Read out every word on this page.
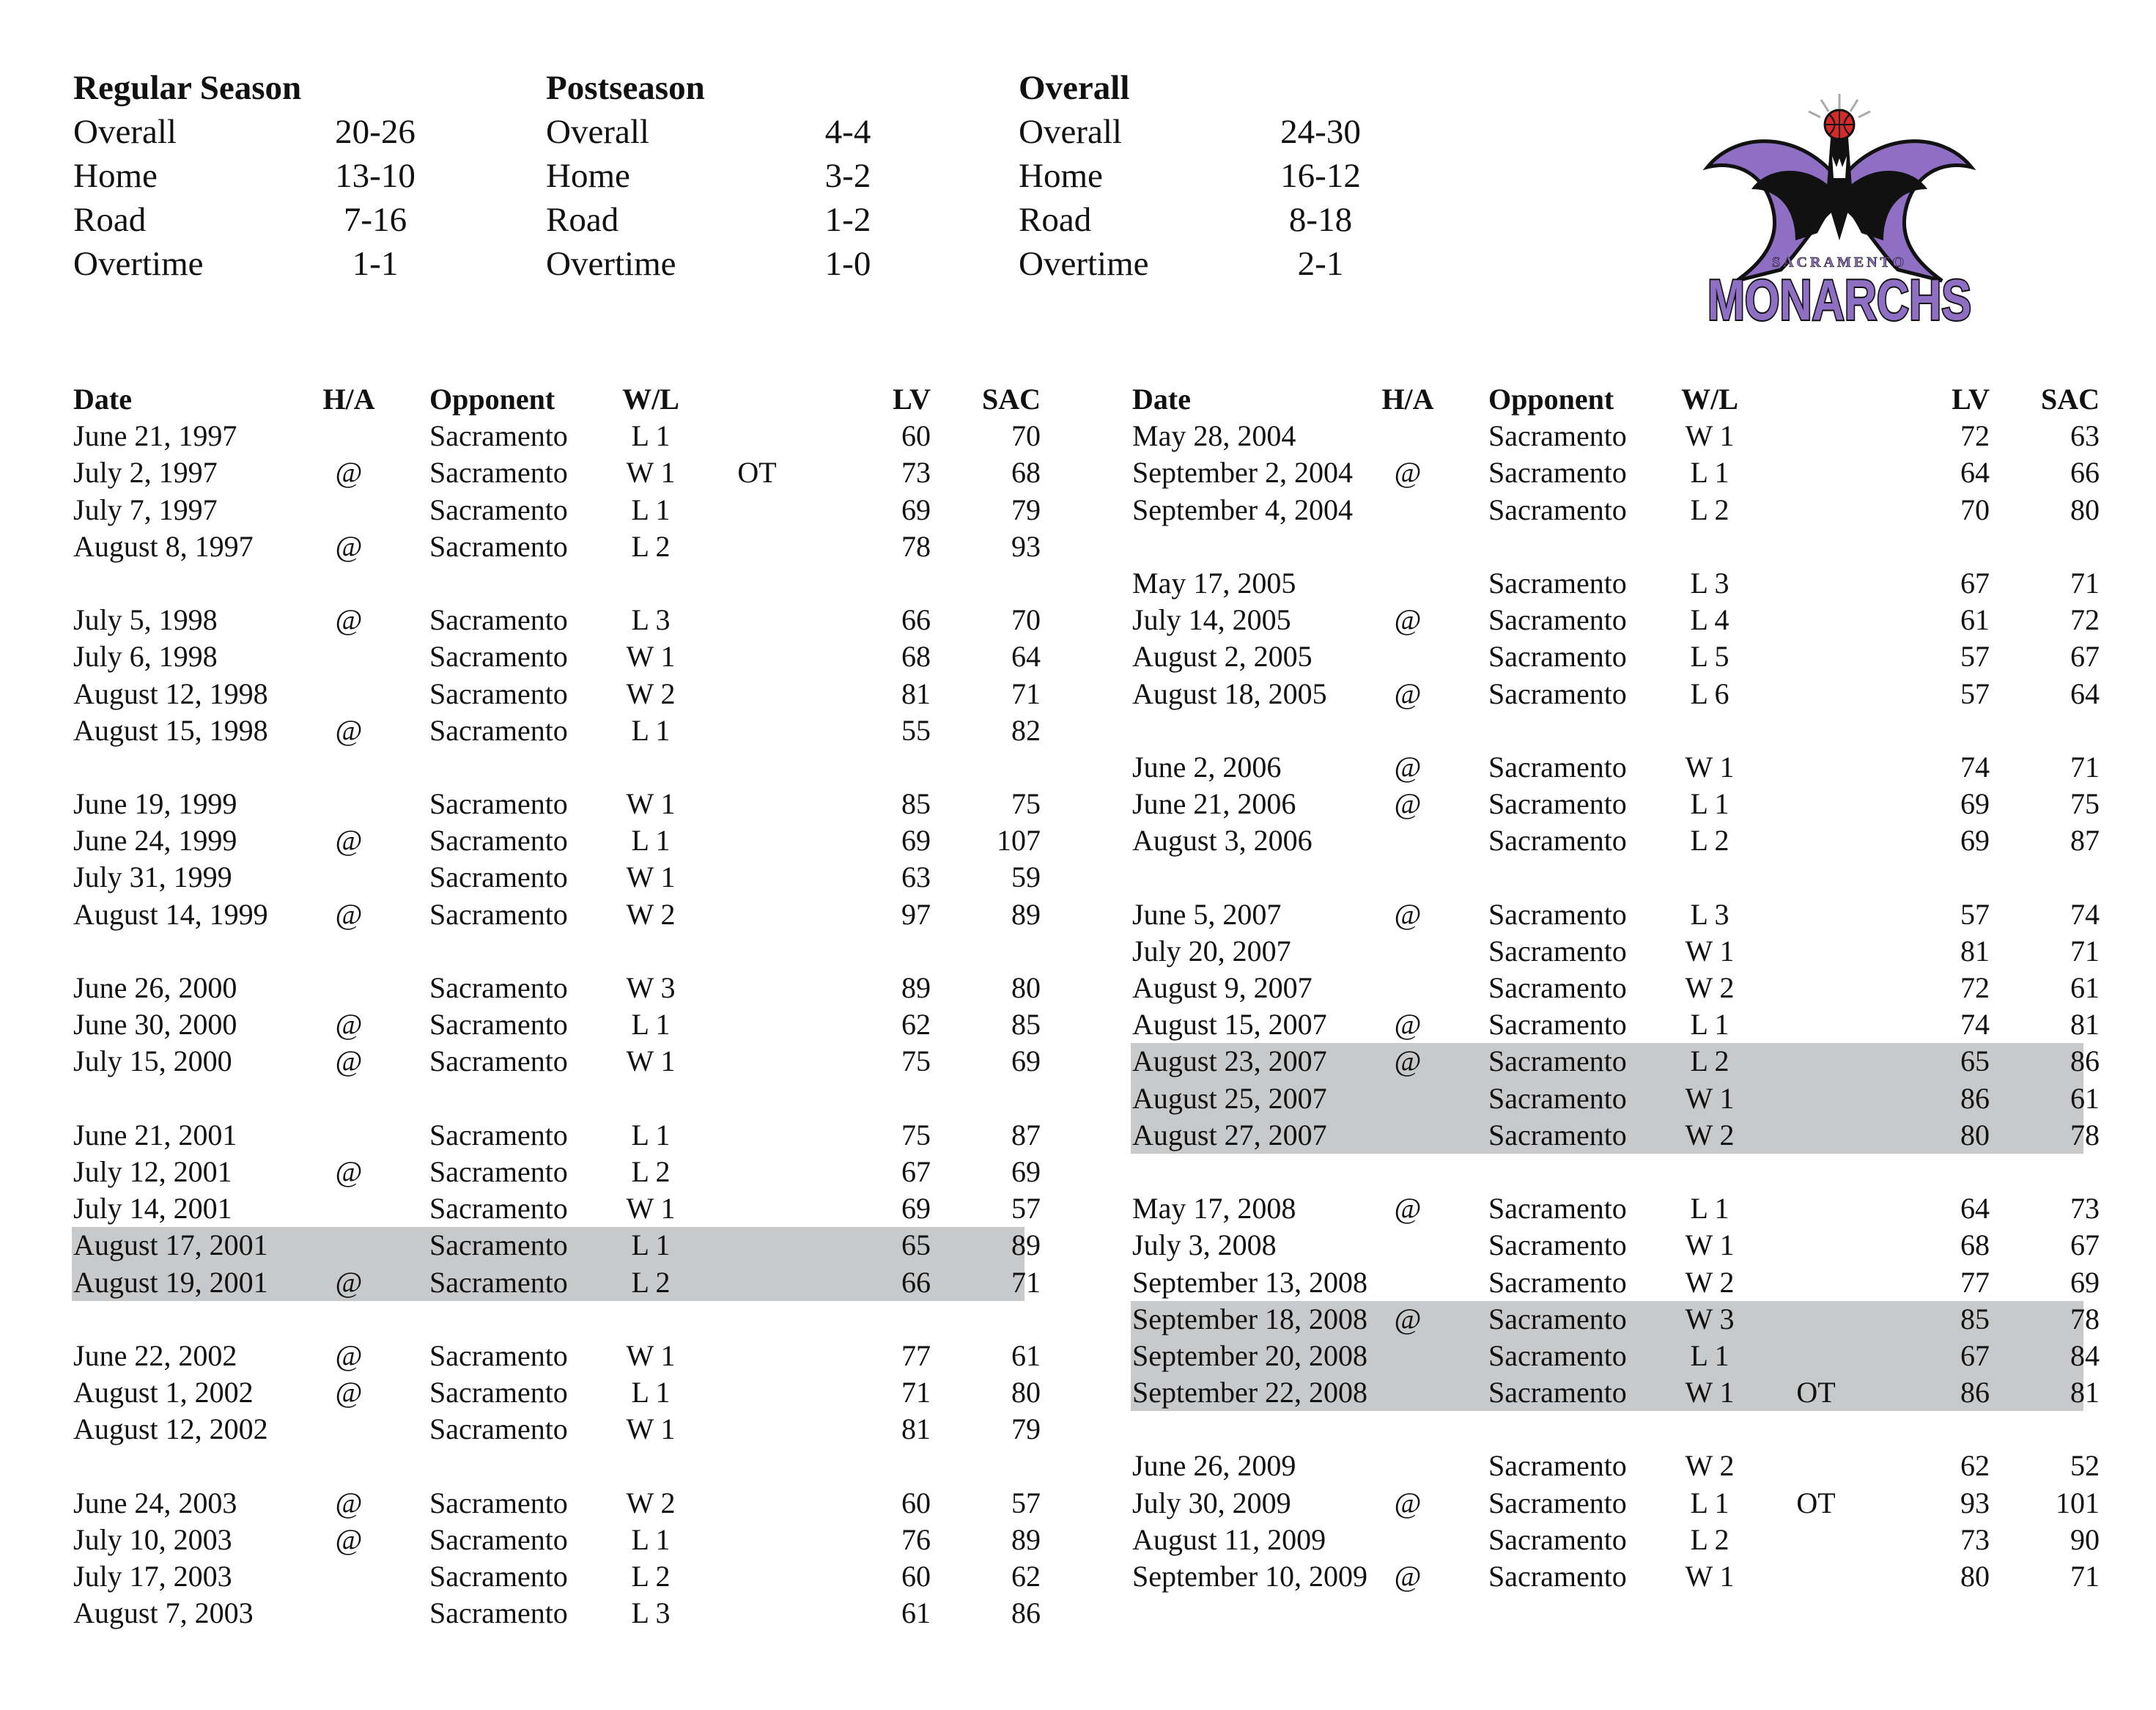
Regular Season
Overall	20-26
Home	13-10
Road	7-16
Overtime	1-1
Postseason
Overall	4-4
Home	3-2
Road	1-2
Overtime	1-0
Overall
Overall	24-30
Home	16-12
Road	8-18
Overtime	2-1	SACRAMENTO
MONARCHS
Date	H/A Opponent W/L	LV	SAC
June 21, 1997	Sacramento L 1	60	70
July 2, 1997	@ Sacramento W 1 OT	73	68
July 7, 1997	Sacramento L 1	69	79
August 8, 1997	@ Sacramento L 2	78	93
July 5, 1998	@ Sacramento L 3	66	70
July 6, 1998	Sacramento W 1	68	64
August 12, 1998	Sacramento W 2	81	71
August 15, 1998 @ Sacramento L 1	55	82
June 19, 1999	Sacramento W 1	85	75
June 24, 1999	@ Sacramento L 1	69	107
July 31, 1999	Sacramento W 1	63	59
August 14, 1999 @ Sacramento W 2	97	89
June 26, 2000	Sacramento W 3	89	80
June 30, 2000	@ Sacramento L 1	62	85
July 15, 2000	@ Sacramento W 1	75	69
June 21, 2001	Sacramento L 1	75	87
July 12, 2001	@ Sacramento L 2	67	69
July 14, 2001	Sacramento W 1	69	57
August 17, 2001	Sacramento L 1	65	89
August 19, 2001 @ Sacramento L 2	66	71
June 22, 2002	@ Sacramento W 1	77	61
August 1, 2002	@ Sacramento L 1	71	80
August 12, 2002	Sacramento W 1	81	79
June 24, 2003	@ Sacramento W 2	60	57
July 10, 2003	@ Sacramento L 1	76	89
July 17, 2003	Sacramento L 2	60	62
August 7, 2003	Sacramento L 3	61	86
Date	H/A Opponent W/L	LV	SAC
May 28, 2004	Sacramento W 1	72	63
September 2, 2004 @ Sacramento L 1	64	66
September 4, 2004	Sacramento L 2	70	80
May 17, 2005	Sacramento L 3	67	71
July 14, 2005	@ Sacramento L 4	61	72
August 2, 2005	Sacramento L 5	57	67
August 18, 2005 @ Sacramento L 6	57	64
June 2, 2006	@ Sacramento W 1	74	71
June 21, 2006	@ Sacramento L 1	69	75
August 3, 2006	Sacramento L 2	69	87
June 5, 2007	@ Sacramento L 3	57	74
July 20, 2007	Sacramento W 1	81	71
August 9, 2007	Sacramento W 2	72	61
August 15, 2007 @ Sacramento L 1	74	81
August 23, 2007 @ Sacramento L 2	65	86
August 25, 2007	Sacramento W 1	86	61
August 27, 2007	Sacramento W 2	80	78
May 17, 2008	@ Sacramento L 1	64	73
July 3, 2008	Sacramento W 1	68	67
September 13, 2008	Sacramento W 2	77	69
September 18, 2008 @ Sacramento W 3	85	78
September 20, 2008	Sacramento L 1	67	84
September 22, 2008	Sacramento W 1 OT	86	81
June 26, 2009	Sacramento W 2	62	52
July 30, 2009	@ Sacramento L 1 OT	93	101
August 11, 2009	Sacramento L 2	73	90
September 10, 2009 @ Sacramento W 1	80	71
